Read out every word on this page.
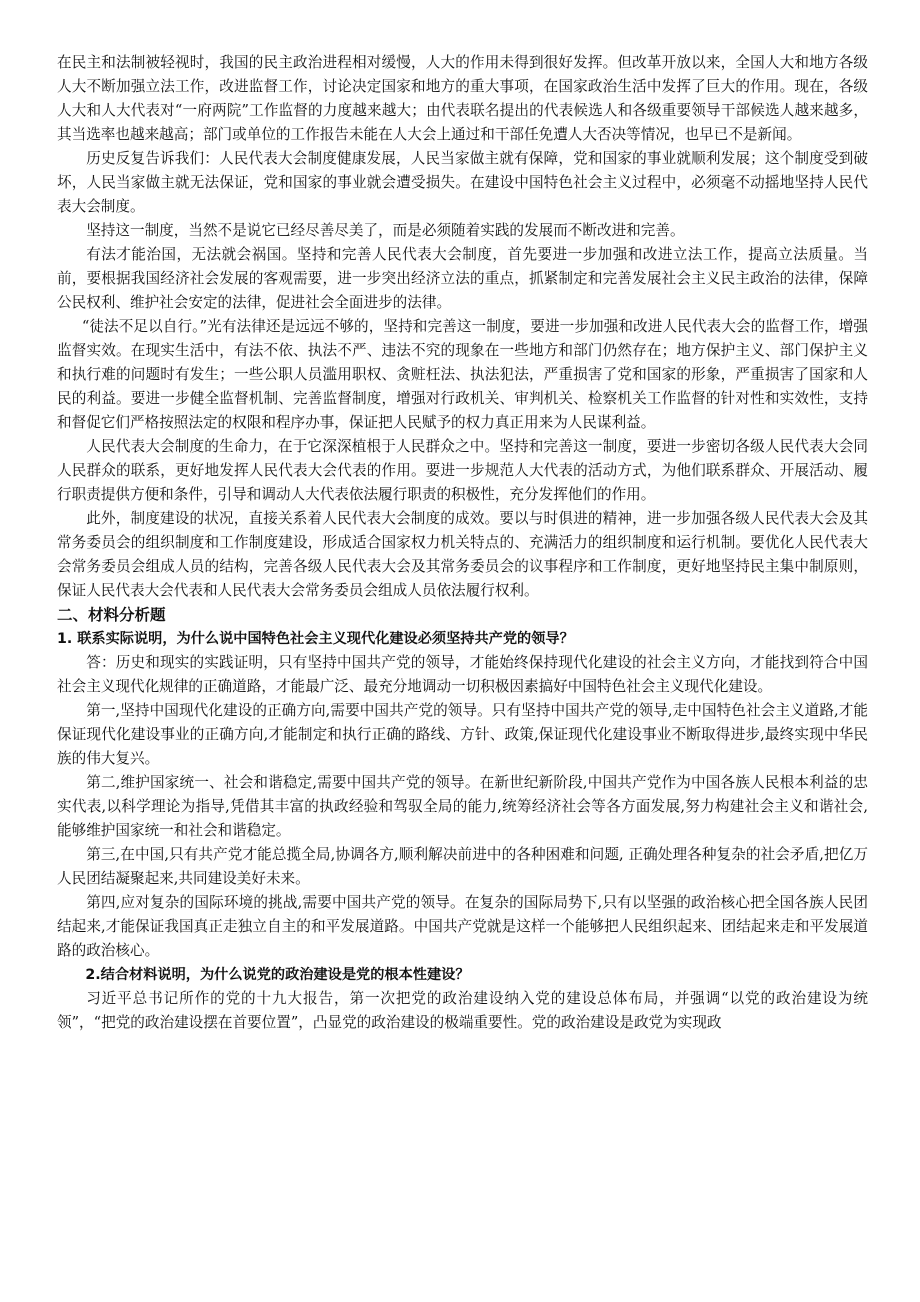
在民主和法制被轻视时，我国的民主政治进程相对缓慢，人大的作用未得到很好发挥。但改革开放以来，全国人大和地方各级人大不断加强立法工作，改进监督工作，讨论决定国家和地方的重大事项，在国家政治生活中发挥了巨大的作用。现在，各级人大和人大代表对“一府两院”工作监督的力度越来越大；由代表联名提出的代表候选人和各级重要领导干部候选人越来越多，其当选率也越来越高；部门或单位的工作报告未能在人大会上通过和干部任免遭人大否决等情况，也早已不是新闻。

历史反复告诉我们：人民代表大会制度健康发展，人民当家做主就有保障，党和国家的事业就顺利发展；这个制度受到破坏，人民当家做主就无法保证，党和国家的事业就会遭受损失。在建设中国特色社会主义过程中，必须毫不动摇地坚持人民代表大会制度。

坚持这一制度，当然不是说它已经尽善尽美了，而是必须随着实践的发展而不断改进和完善。

有法才能治国，无法就会祸国。坚持和完善人民代表大会制度，首先要进一步加强和改进立法工作，提高立法质量。当前，要根据我国经济社会发展的客观需要，进一步突出经济立法的重点，抓紧制定和完善发展社会主义民主政治的法律，保障公民权利、维护社会安定的法律，促进社会全面进步的法律。

“徒法不足以自行。”光有法律还是远远不够的，坚持和完善这一制度，要进一步加强和改进人民代表大会的监督工作，增强监督实效。在现实生活中，有法不依、执法不严、违法不究的现象在一些地方和部门仍然存在；地方保护主义、部门保护主义和执行难的问题时有发生；一些公职人员滥用职权、贪赃枉法、执法犯法，严重损害了党和国家的形象，严重损害了国家和人民的利益。要进一步健全监督机制、完善监督制度，增强对行政机关、审判机关、检察机关工作监督的针对性和实效性，支持和督促它们严格按照法定的权限和程序办事，保证把人民赋予的权力真正用来为人民谋利益。

人民代表大会制度的生命力，在于它深深植根于人民群众之中。坚持和完善这一制度，要进一步密切各级人民代表大会同人民群众的联系，更好地发挥人民代表大会代表的作用。要进一步规范人大代表的活动方式，为他们联系群众、开展活动、履行职责提供方便和条件，引导和调动人大代表依法履行职责的积极性，充分发挥他们的作用。

此外，制度建设的状况，直接关系着人民代表大会制度的成效。要以与时俱进的精神，进一步加强各级人民代表大会及其常务委员会的组织制度和工作制度建设，形成适合国家权力机关特点的、充满活力的组织制度和运行机制。要优化人民代表大会常务委员会组成人员的结构，完善各级人民代表大会及其常务委员会的议事程序和工作制度，更好地坚持民主集中制原则，保证人民代表大会代表和人民代表大会常务委员会组成人员依法履行权利。

二、材料分析题

1. 联系实际说明，为什么说中国特色社会主义现代化建设必须坚持共产党的领导？

答：历史和现实的实践证明，只有坚持中国共产党的领导，才能始终保持现代化建设的社会主义方向，才能找到符合中国社会主义现代化规律的正确道路，才能最广泛、最充分地调动一切积极因素搞好中国特色社会主义现代化建设。

第一,坚持中国现代化建设的正确方向,需要中国共产党的领导。只有坚持中国共产党的领导,走中国特色社会主义道路,才能保证现代化建设事业的正确方向,才能制定和执行正确的路线、方针、政策,保证现代化建设事业不断取得进步,最终实现中华民族的伟大复兴。

第二,维护国家统一、社会和谐稳定,需要中国共产党的领导。在新世纪新阶段,中国共产党作为中国各族人民根本利益的忠实代表,以科学理论为指导,凭借其丰富的执政经验和驾驭全局的能力,统筹经济社会等各方面发展,努力构建社会主义和谐社会,能够维护国家统一和社会和谐稳定。

第三,在中国,只有共产党才能总揽全局,协调各方,顺利解决前进中的各种困难和问题, 正确处理各种复杂的社会矛盾,把亿万人民团结凝聚起来,共同建设美好未来。

第四,应对复杂的国际环境的挑战,需要中国共产党的领导。在复杂的国际局势下,只有以坚强的政治核心把全国各族人民团结起来,才能保证我国真正走独立自主的和平发展道路。中国共产党就是这样一个能够把人民组织起来、团结起来走和平发展道路的政治核心。

2.结合材料说明，为什么说党的政治建设是党的根本性建设？

习近平总书记所作的党的十九大报告，第一次把党的政治建设纳入党的建设总体布局，并强调“以党的政治建设为统领”，“把党的政治建设摆在首要位置”，凸显党的政治建设的极端重要性。党的政治建设是政党为实现政
